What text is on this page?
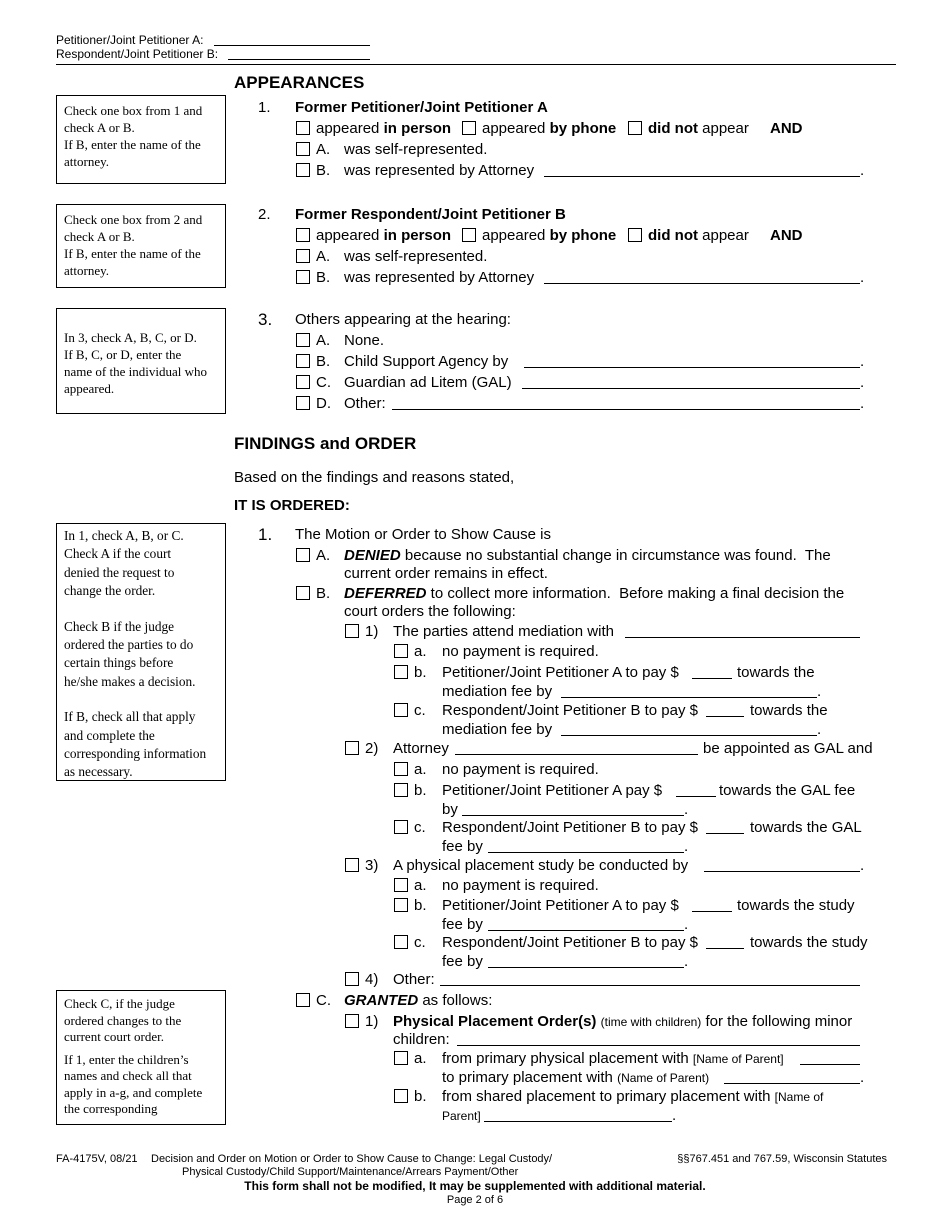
Petitioner/Joint Petitioner A:
Respondent/Joint Petitioner B:
APPEARANCES

Check one box from 1 and

check A or B.

If B, enter the name of the

attorney.

1. Former Petitioner/Joint Petitioner A
appeared in person appeared by phone did not appear AND
A. was self-represented.
B. was represented by Attorney	.

Check one box from 2 and

check A or B.

If B, enter the name of the

attorney.

2. Former Respondent/Joint Petitioner B
appeared in person appeared by phone did not appear AND
A. was self-represented.
B. was represented by Attorney	.

In 3, check A, B, C, or D.

If B, C, or D, enter the

name of the individual who

appeared.

3. Others appearing at the hearing:
A. None.
B. Child Support Agency by	.
C. Guardian ad Litem (GAL)	.
D. Other:	.
FINDINGS and ORDER
Based on the findings and reasons stated,
IT IS ORDERED:

In 1, check A, B, or C.

Check A if the court

denied the request to

change the order.

Check B if the judge

ordered the parties to do

certain things before

he/she makes a decision.

If B, check all that apply

and complete the

corresponding information

as necessary.

1. The Motion or Order to Show Cause is
A. DENIED because no substantial change in circumstance was found.  The
current order remains in effect.
B. DEFERRED to collect more information.  Before making a final decision the
court orders the following:
1) The parties attend mediation with
a. no payment is required.
b. Petitioner/Joint Petitioner A to pay $	towards the
mediation fee by	.
c. Respondent/Joint Petitioner B to pay $	towards the
mediation fee by	.
2) Attorney	be appointed as GAL and
a. no payment is required.
b. Petitioner/Joint Petitioner A pay $	towards the GAL fee
by	.
c. Respondent/Joint Petitioner B to pay $	towards the GAL
fee by	.
3) A physical placement study be conducted by	.
a. no payment is required.
b. Petitioner/Joint Petitioner A to pay $	towards the study
fee by	.
c. Respondent/Joint Petitioner B to pay $	towards the study
fee by	.
4) Other:

Check C, if the judge

ordered changes to the

current court order.

If 1, enter the children’s

names and check all that

apply in a-g, and complete

the corresponding

C. GRANTED as follows:
1) Physical Placement Order(s) (time with children) for the following minor
children:
a. from primary physical placement with [Name of Parent]
to primary placement with (Name of Parent)	.
b. from shared placement to primary placement with [Name of
Parent]	.
FA-4175V, 08/21 Decision and Order on Motion or Order to Show Cause to Change: Legal Custody/
Physical Custody/Child Support/Maintenance/Arrears Payment/Other
§§767.451 and 767.59, Wisconsin Statutes
This form shall not be modified, It may be supplemented with additional material.
Page 2 of 6
